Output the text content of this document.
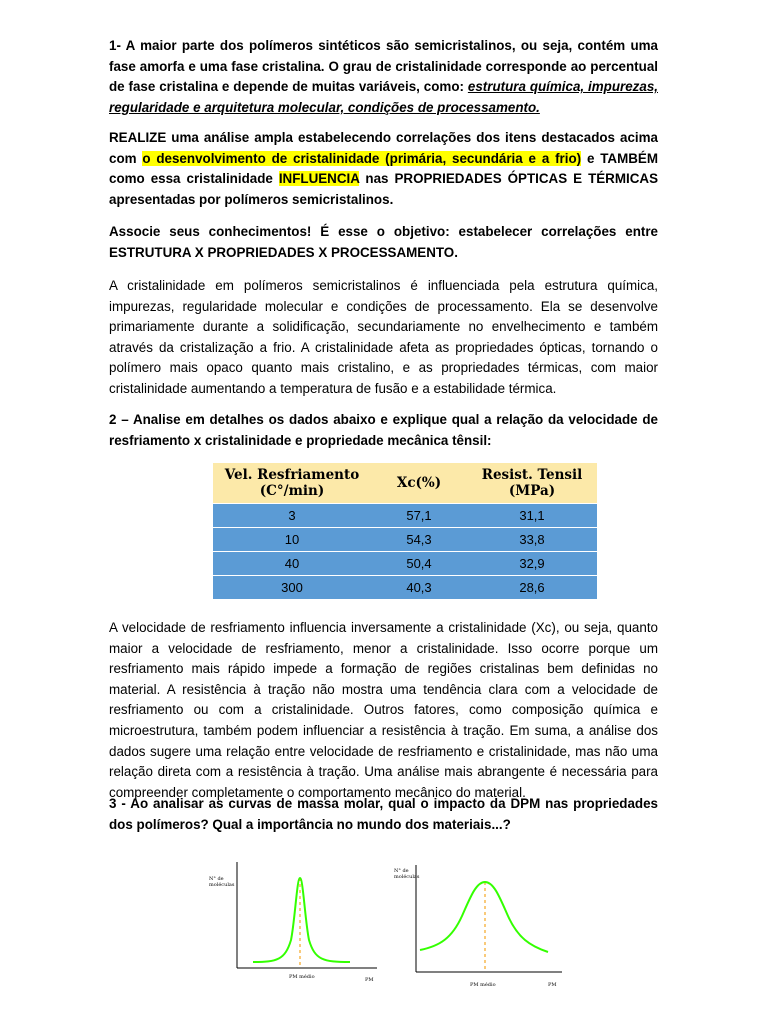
1- A maior parte dos polímeros sintéticos são semicristalinos, ou seja, contém uma fase amorfa e uma fase cristalina. O grau de cristalinidade corresponde ao percentual de fase cristalina e depende de muitas variáveis, como: estrutura química, impurezas, regularidade e arquitetura molecular, condições de processamento.

REALIZE uma análise ampla estabelecendo correlações dos itens destacados acima com o desenvolvimento de cristalinidade (primária, secundária e a frio) e TAMBÉM como essa cristalinidade INFLUENCIA nas PROPRIEDADES ÓPTICAS E TÉRMICAS apresentadas por polímeros semicristalinos.

Associe seus conhecimentos! É esse o objetivo: estabelecer correlações entre ESTRUTURA X PROPRIEDADES X PROCESSAMENTO.

A cristalinidade em polímeros semicristalinos é influenciada pela estrutura química, impurezas, regularidade molecular e condições de processamento. Ela se desenvolve primariamente durante a solidificação, secundariamente no envelhecimento e também através da cristalização a frio. A cristalinidade afeta as propriedades ópticas, tornando o polímero mais opaco quanto mais cristalino, e as propriedades térmicas, com maior cristalinidade aumentando a temperatura de fusão e a estabilidade térmica.

2 – Analise em detalhes os dados abaixo e explique qual a relação da velocidade de resfriamento x cristalinidade e propriedade mecânica tênsil:

Vel. Resfriamento (C°/min)	Xc(%)	Resist. Tensil (MPa)
3	57,1	31,1
10	54,3	33,8
40	50,4	32,9
300	40,3	28,6

A velocidade de resfriamento influencia inversamente a cristalinidade (Xc), ou seja, quanto maior a velocidade de resfriamento, menor a cristalinidade. Isso ocorre porque um resfriamento mais rápido impede a formação de regiões cristalinas bem definidas no material. A resistência à tração não mostra uma tendência clara com a velocidade de resfriamento ou com a cristalinidade. Outros fatores, como composição química e microestrutura, também podem influenciar a resistência à tração. Em suma, a análise dos dados sugere uma relação entre velocidade de resfriamento e cristalinidade, mas não uma relação direta com a resistência à tração. Uma análise mais abrangente é necessária para compreender completamente o comportamento mecânico do material.

3 - Ao analisar as curvas de massa molar, qual o impacto da DPM nas propriedades dos polímeros? Qual a importância no mundo dos materiais...?

N° de
moléculas
PM médio	PM
N° de
moléculas
PM médio	PM
